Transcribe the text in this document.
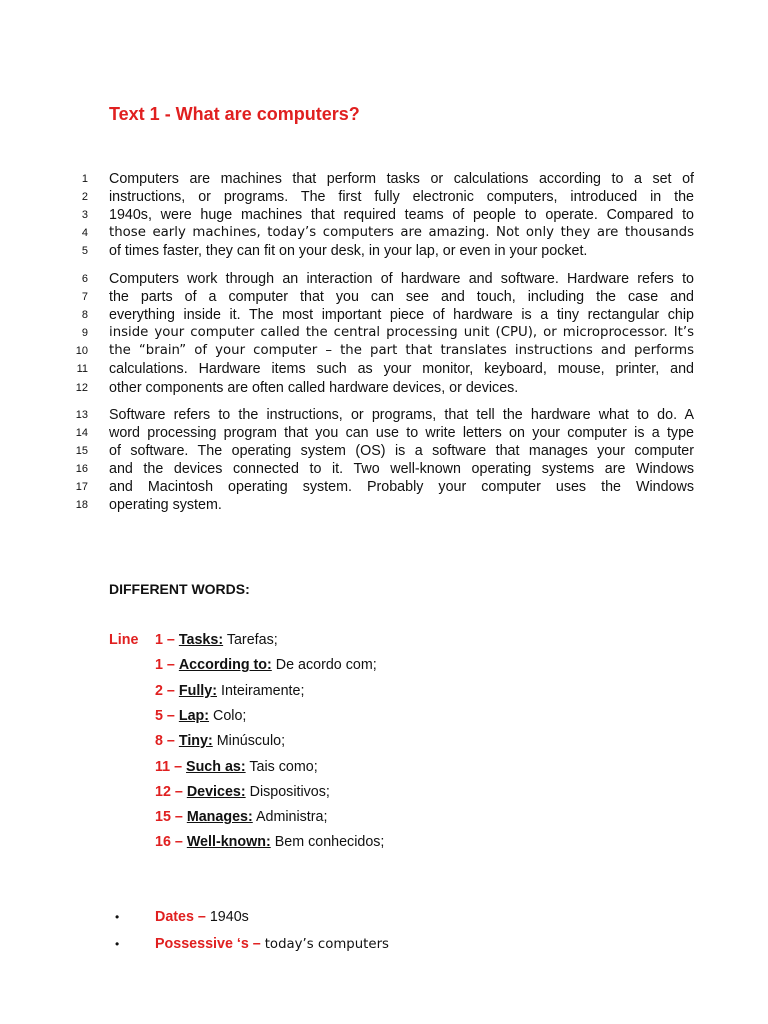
Text 1 - What are computers?
1 Computers are machines that perform tasks or calculations according to a set of
2 instructions, or programs. The first fully electronic computers, introduced in the
3 1940s, were huge machines that required teams of people to operate. Compared to
4 those early machines, today’s computers are amazing. Not only they are thousands
5 of times faster, they can fit on your desk, in your lap, or even in your pocket.
6 Computers work through an interaction of hardware and software. Hardware refers to
7 the parts of a computer that you can see and touch, including the case and
8 everything inside it. The most important piece of hardware is a tiny rectangular chip
9 inside your computer called the central processing unit (CPU), or microprocessor. It’s
10 the “brain” of your computer – the part that translates instructions and performs
11 calculations. Hardware items such as your monitor, keyboard, mouse, printer, and
12 other components are often called hardware devices, or devices.
13 Software refers to the instructions, or programs, that tell the hardware what to do. A
14 word processing program that you can use to write letters on your computer is a type
15 of software. The operating system (OS) is a software that manages your computer
16 and the devices connected to it. Two well-known operating systems are Windows
17 and Macintosh operating system. Probably your computer uses the Windows
18 operating system.
DIFFERENT WORDS:
Line 1 – Tasks: Tarefas;
1 – According to: De acordo com;
2 – Fully: Inteiramente;
5 – Lap: Colo;
8 – Tiny: Minúsculo;
11 – Such as: Tais como;
12 – Devices: Dispositivos;
15 – Manages: Administra;
16 – Well-known: Bem conhecidos;
•	Dates – 1940s
•	Possessive ‘s – today’s computers
